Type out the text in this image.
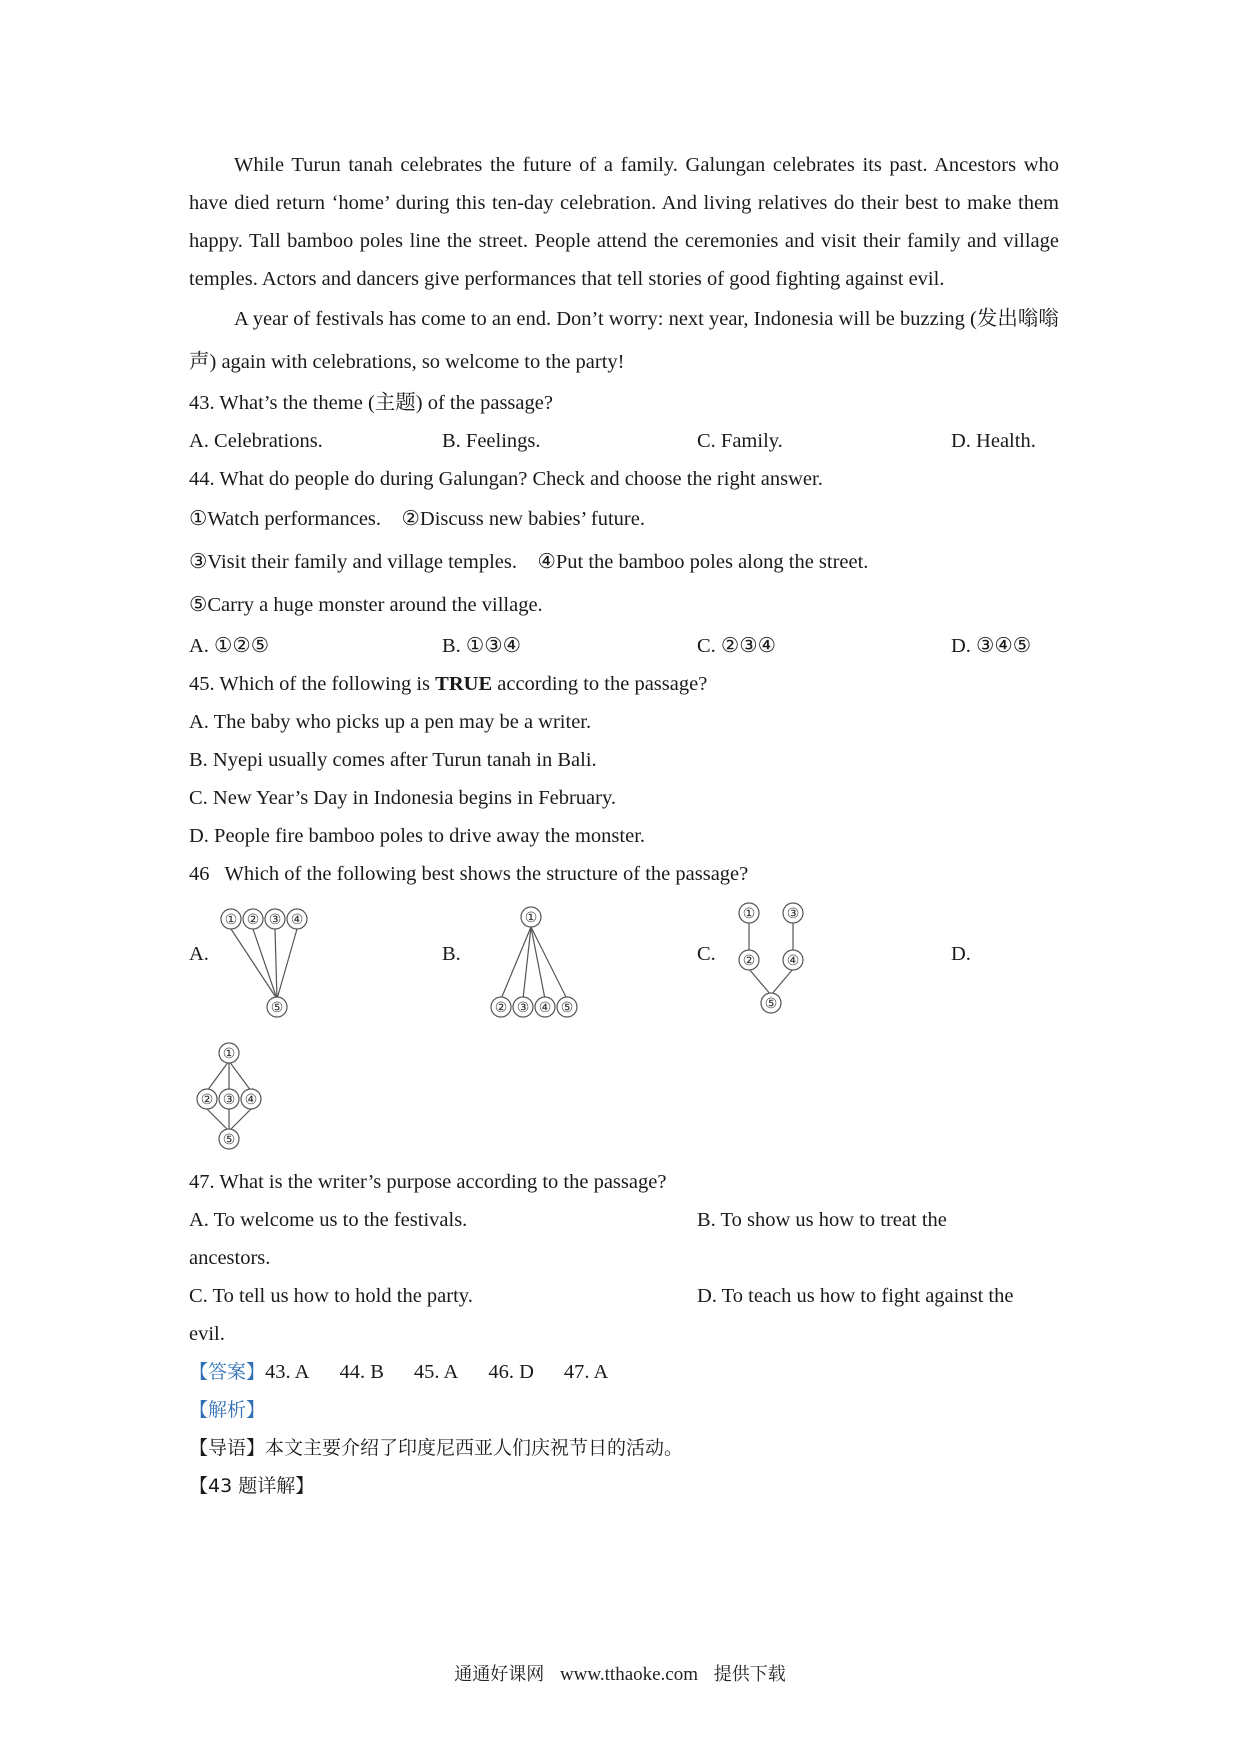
While Turun tanah celebrates the future of a family. Galungan celebrates its past. Ancestors who have died return ‘home’ during this ten-day celebration. And living relatives do their best to make them happy. Tall bamboo poles line the street. People attend the ceremonies and visit their family and village temples. Actors and dancers give performances that tell stories of good fighting against evil.

A year of festivals has come to an end. Don’t worry: next year, Indonesia will be buzzing (发出嗡嗡声) again with celebrations, so welcome to the party!

43. What’s the theme (主题) of the passage?
A. Celebrations.	B. Feelings.	C. Family.	D. Health.
44. What do people do during Galungan? Check and choose the right answer.
①Watch performances.    ②Discuss new babies’ future.
③Visit their family and village temples.    ④Put the bamboo poles along the street.
⑤Carry a huge monster around the village.
A. ①②⑤	B. ①③④	C. ②③④	D. ③④⑤
45. Which of the following is TRUE according to the passage?
A. The baby who picks up a pen may be a writer.
B. Nyepi usually comes after Turun tanah in Bali.
C. New Year’s Day in Indonesia begins in February.
D. People fire bamboo poles to drive away the monster.
46   Which of the following best shows the structure of the passage?
A.	B.	C.	D.
① ② ③ ④
⑤
①
② ③ ④ ⑤
① ③
② ④
⑤
①
② ③ ④
⑤
47. What is the writer’s purpose according to the passage?
A. To welcome us to the festivals.	B. To show us how to treat the
ancestors.
C. To tell us how to hold the party.	D. To teach us how to fight against the
evil.
【答案】43. A 44. B 45. A 46. D 47. A
【解析】
【导语】本文主要介绍了印度尼西亚人们庆祝节日的活动。
【43 题详解】
通通好课网 www.tthaoke.com 提供下载
